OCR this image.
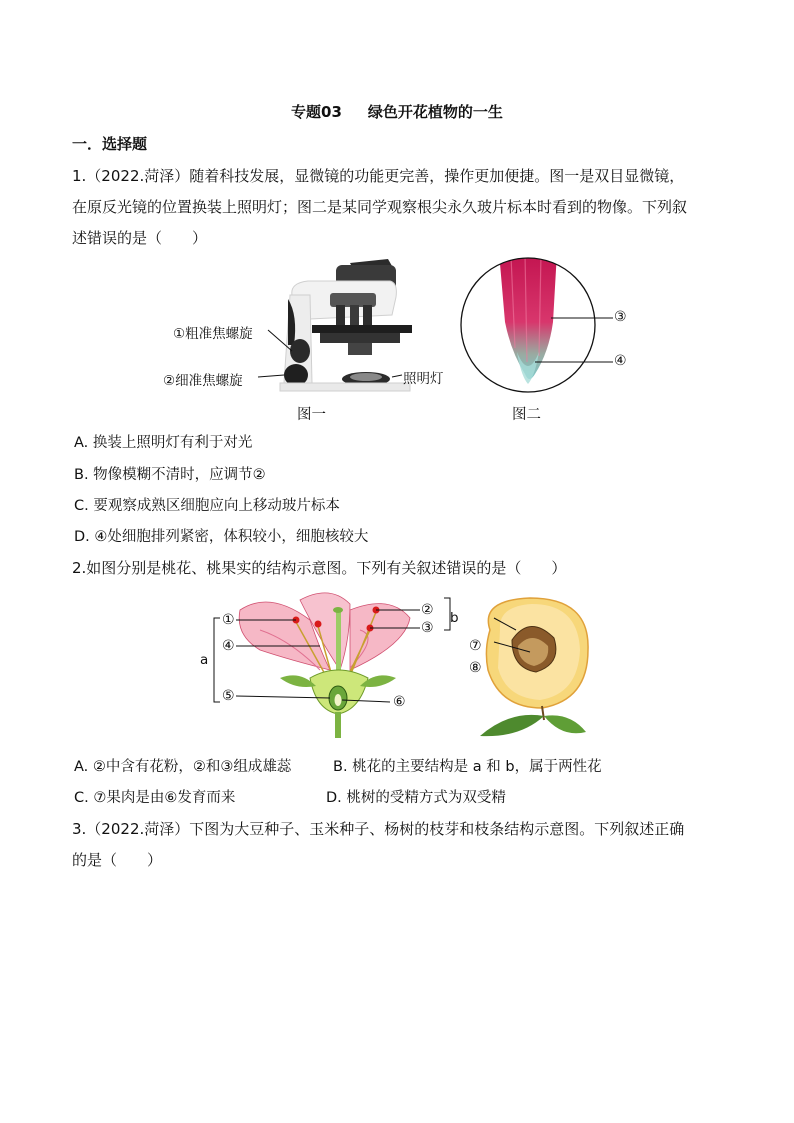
专题03 绿色开花植物的一生
一．选择题
1.（2022.菏泽）随着科技发展，显微镜的功能更完善，操作更加便捷。图一是双目显微镜，
在原反光镜的位置换装上照明灯；图二是某同学观察根尖永久玻片标本时看到的物像。下列叙
述错误的是（　　）
①粗准焦螺旋
②细准焦螺旋	照明灯
图一
③
④
图二
A. 换装上照明灯有利于对光
B. 物像模糊不清时，应调节②
C. 要观察成熟区细胞应向上移动玻片标本
D. ④处细胞排列紧密，体积较小，细胞核较大
2.如图分别是桃花、桃果实的结构示意图。下列有关叙述错误的是（　　）
①
②
③
④
⑤	⑥
a
b
⑦
⑧
A. ②中含有花粉，②和③组成雄蕊	B. 桃花的主要结构是 a 和 b，属于两性花
C. ⑦果肉是由⑥发育而来	D. 桃树的受精方式为双受精
3.（2022.菏泽）下图为大豆种子、玉米种子、杨树的枝芽和枝条结构示意图。下列叙述正确
的是（　　）
